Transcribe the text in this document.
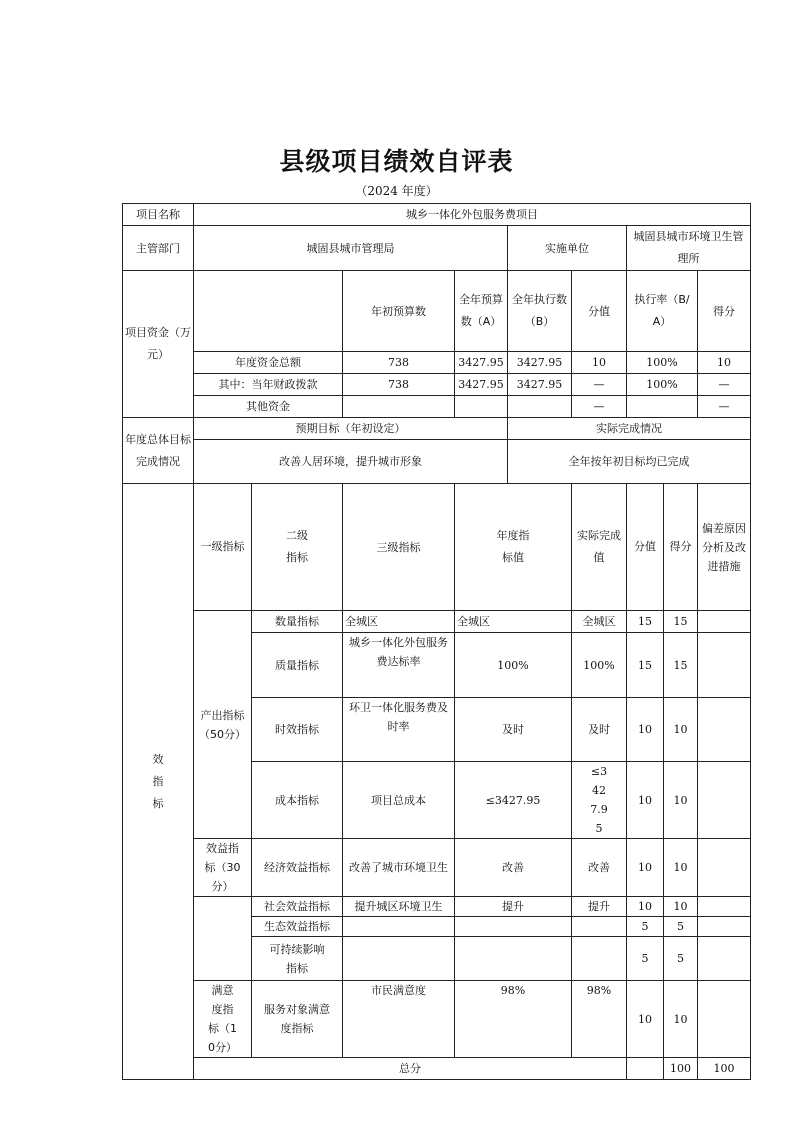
县级项目绩效自评表
（2024 年度）
项目名称	城乡一体化外包服务费项目									
主管部门	城固县城市管理局				实施单位		城固县城市环境卫生管理所			
项目资金（万元）			年初预算数	全年预算数（A）	全年执行数（B）	分值	执行率（B/A）		得分	
	年度资金总额		738	3427.95	3427.95	10	100%		10	
	其中：当年财政拨款		738	3427.95	3427.95	—	100%		—	
	其他资金					—			—	
年度总体目标完成情况	预期目标（年初设定）				实际完成情况					
	改善人居环境，提升城市形象				全年按年初目标均已完成					
效指标	一级指标	二级指标	三级指标	年度指标值		实际完成值	分值	得分	偏差原因分析及改进措施	
	产出指标（50分）	数量指标	全城区	全城区		全城区	15	15		
		质量指标	城乡一体化外包服务费达标率	100%		100%	15	15		
		时效指标	环卫一体化服务费及时率	及时		及时	10	10		
		成本指标	项目总成本	≤3427.95		≤3427.95	10	10		
	效益指标（30分）	经济效益指标	改善了城市环境卫生	改善		改善	10	10		
		社会效益指标	提升城区环境卫生	提升		提升	10	10		
		生态效益指标					5	5		
		可持续影响指标					5	5		
	满意度指标（10分）	服务对象满意度指标	市民满意度	98%		98%	10	10		
	总分							100	100	
